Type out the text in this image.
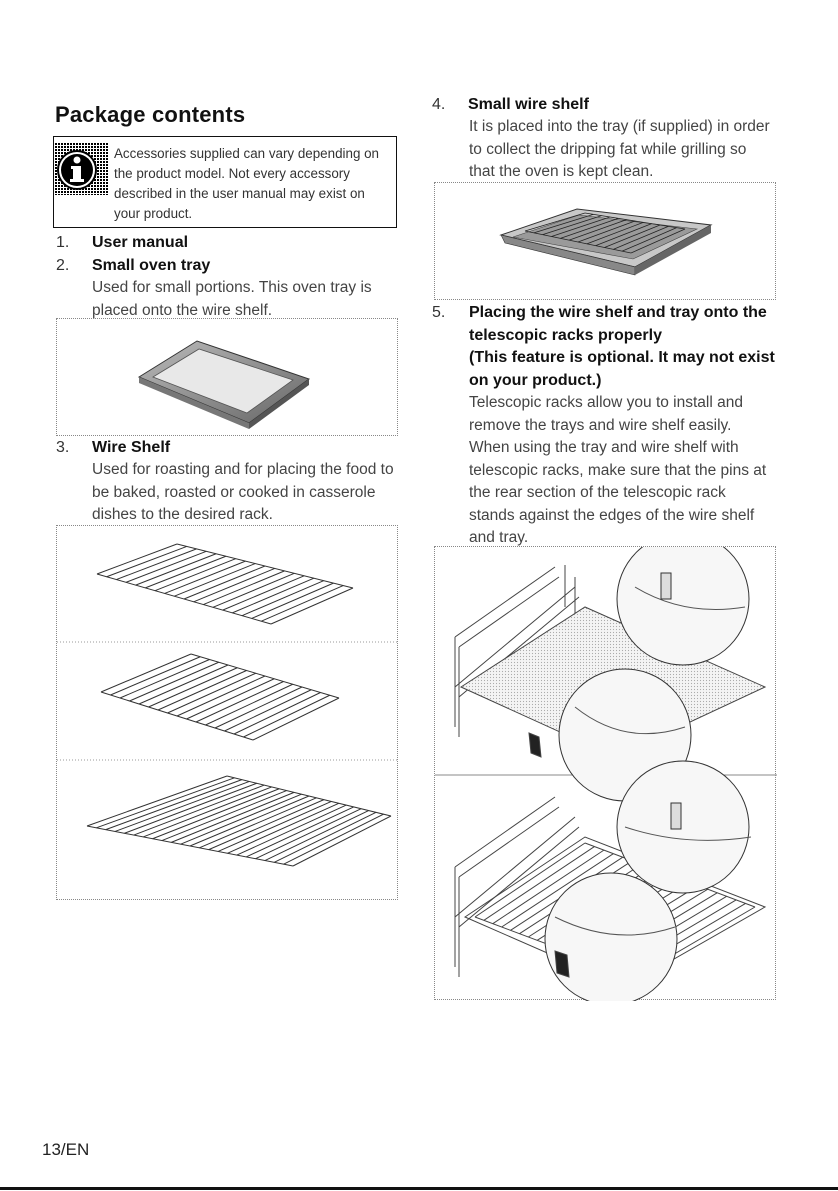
Package contents
Accessories supplied can vary depending on
the product model. Not every accessory
described in the user manual may exist on
your product.
1. User manual
2. Small oven tray
Used for small portions. This oven tray is
placed onto the wire shelf.
3. Wire Shelf
Used for roasting and for placing the food to
be baked, roasted or cooked in casserole
dishes to the desired rack.
4. Small wire shelf
It is placed into the tray (if supplied) in order
to collect the dripping fat while grilling so
that the oven is kept clean.
5. Placing the wire shelf and tray onto the
telescopic racks properly
(This feature is optional. It may not exist
on your product.)
Telescopic racks allow you to install and
remove the trays and wire shelf easily.
When using the tray and wire shelf with
telescopic racks, make sure that the pins at
the rear section of the telescopic rack
stands against the edges of the wire shelf
and tray.
13/EN
